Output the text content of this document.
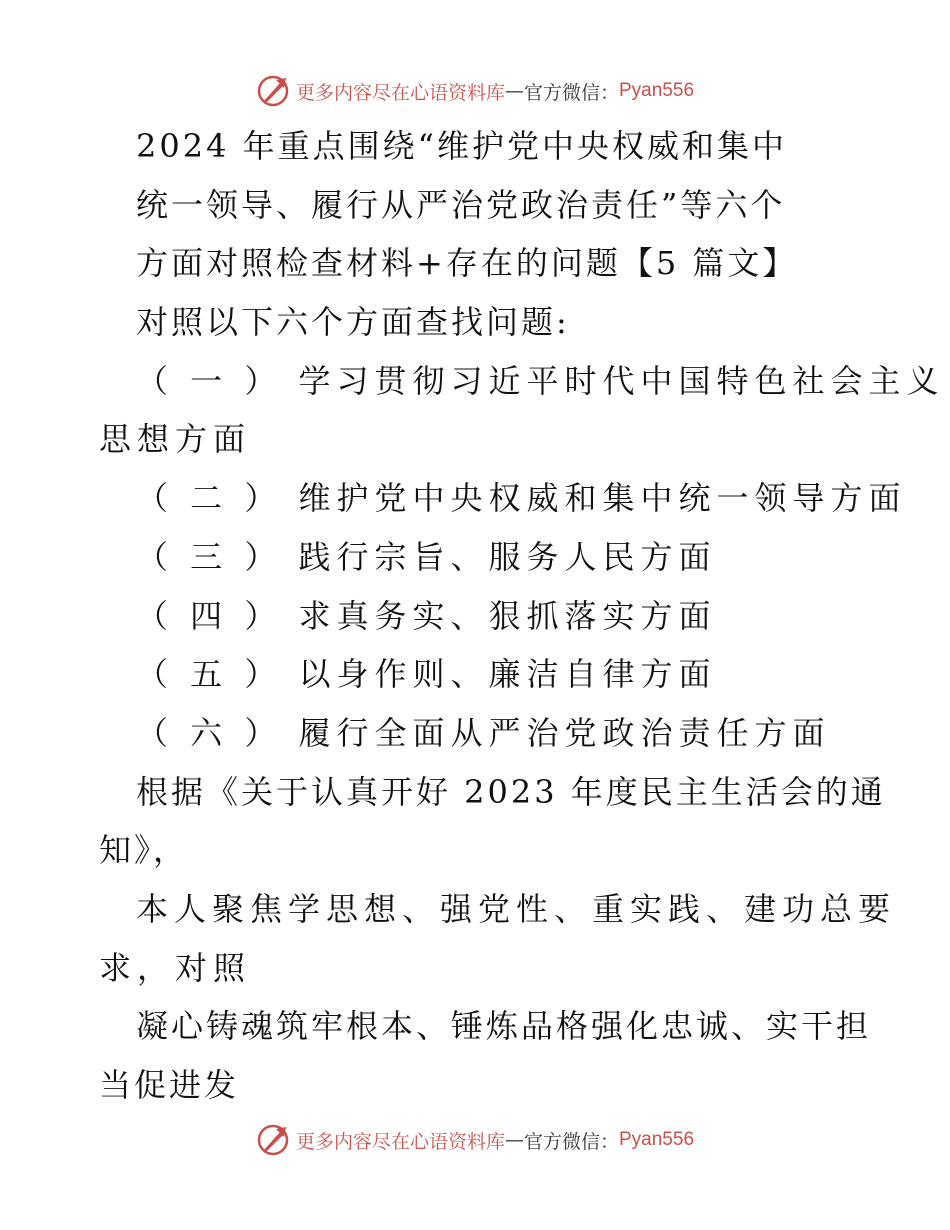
更多内容尽在心语资料库 — 官方微信： Pyan556
2024 年重点围绕“维护党中央权威和集中
统一领导、履行从严治党政治责任”等六个
方面对照检查材料+存在的问题【5 篇文】
对照以下六个方面查找问题:
（ 一 ） 学习贯彻习近平时代中国特色社会主义
思想方面
（ 二 ） 维护党中央权威和集中统一领导方面
（ 三 ） 践行宗旨、服务人民方面
（ 四 ） 求真务实、狠抓落实方面
（ 五 ） 以身作则、廉洁自律方面
（ 六 ） 履行全面从严治党政治责任方面
根据《关于认真开好 2023 年度民主生活会的通
知》，
本人聚焦学思想、强党性、重实践、建功总要
求，对照
凝心铸魂筑牢根本、锤炼品格强化忠诚、实干担
当促进发
更多内容尽在心语资料库 — 官方微信： Pyan556
